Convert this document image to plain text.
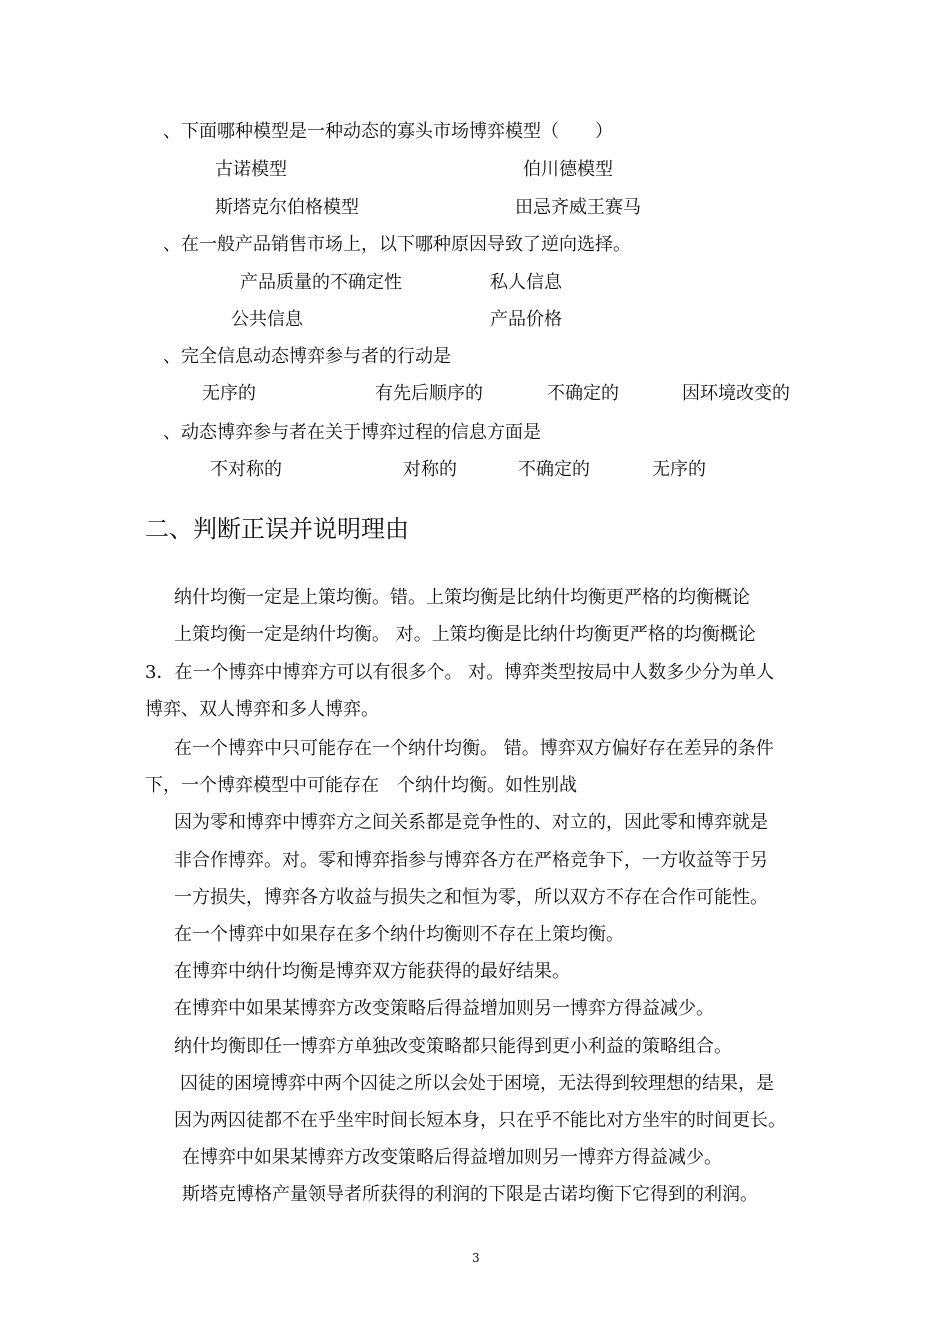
、下面哪种模型是一种动态的寡头市场博弈模型（　　）
古诺模型	伯川德模型
斯塔克尔伯格模型	田忌齐威王赛马
、在一般产品销售市场上，以下哪种原因导致了逆向选择。
产品质量的不确定性	私人信息
公共信息	产品价格
、完全信息动态博弈参与者的行动是
无序的	有先后顺序的	不确定的	因环境改变的
、动态博弈参与者在关于博弈过程的信息方面是
不对称的	对称的	不确定的	无序的
二、判断正误并说明理由
纳什均衡一定是上策均衡。错。上策均衡是比纳什均衡更严格的均衡概论
上策均衡一定是纳什均衡。 对。上策均衡是比纳什均衡更严格的均衡概论
3．在一个博弈中博弈方可以有很多个。 对。博弈类型按局中人数多少分为单人
博弈、双人博弈和多人博弈。
在一个博弈中只可能存在一个纳什均衡。 错。博弈双方偏好存在差异的条件
下，一个博弈模型中可能存在　个纳什均衡。如性别战
因为零和博弈中博弈方之间关系都是竞争性的、对立的，因此零和博弈就是
非合作博弈。对。零和博弈指参与博弈各方在严格竞争下，一方收益等于另
一方损失，博弈各方收益与损失之和恒为零，所以双方不存在合作可能性。
在一个博弈中如果存在多个纳什均衡则不存在上策均衡。
在博弈中纳什均衡是博弈双方能获得的最好结果。
在博弈中如果某博弈方改变策略后得益增加则另一博弈方得益减少。
纳什均衡即任一博弈方单独改变策略都只能得到更小利益的策略组合。
囚徒的困境博弈中两个囚徒之所以会处于困境，无法得到较理想的结果，是
因为两囚徒都不在乎坐牢时间长短本身，只在乎不能比对方坐牢的时间更长。
在博弈中如果某博弈方改变策略后得益增加则另一博弈方得益减少。
斯塔克博格产量领导者所获得的利润的下限是古诺均衡下它得到的利润。
3
